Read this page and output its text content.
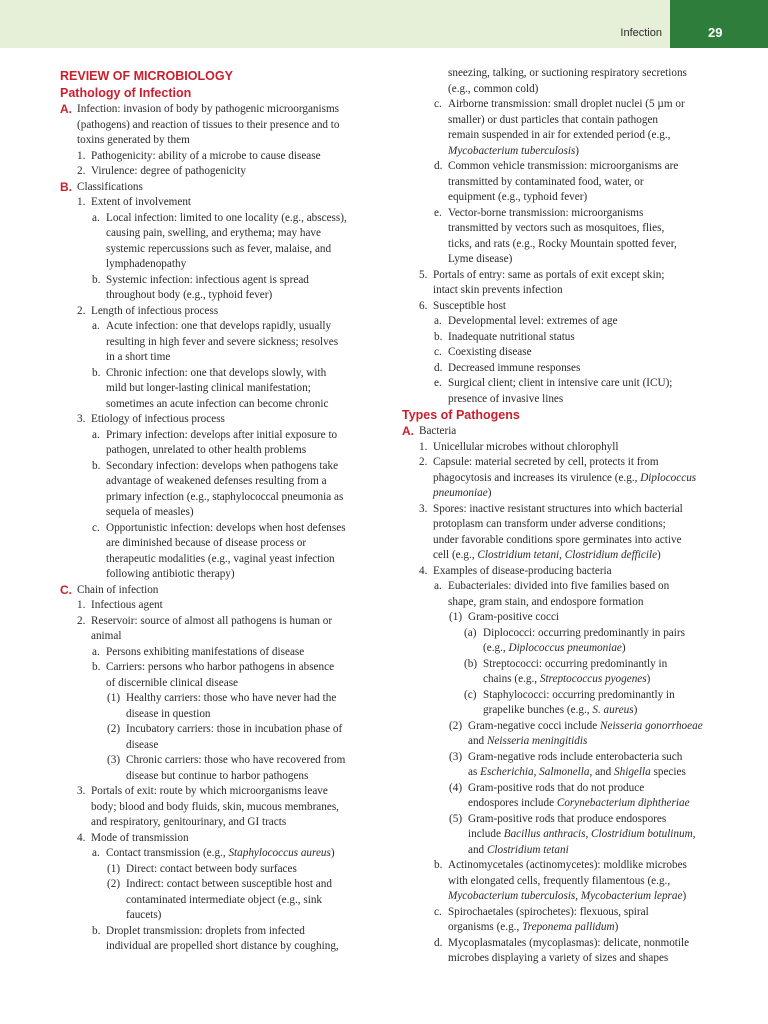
Infection	29
REVIEW OF MICROBIOLOGY
Pathology of Infection
A. Infection: invasion of body by pathogenic microorganisms
(pathogens) and reaction of tissues to their presence and to
toxins generated by them
1. Pathogenicity: ability of a microbe to cause disease
2. Virulence: degree of pathogenicity
B. Classifications
1. Extent of involvement
a. Local infection: limited to one locality (e.g., abscess),
causing pain, swelling, and erythema; may have
systemic repercussions such as fever, malaise, and
lymphadenopathy
b. Systemic infection: infectious agent is spread
throughout body (e.g., typhoid fever)
2. Length of infectious process
a. Acute infection: one that develops rapidly, usually
resulting in high fever and severe sickness; resolves
in a short time
b. Chronic infection: one that develops slowly, with
mild but longer-lasting clinical manifestation;
sometimes an acute infection can become chronic
3. Etiology of infectious process
a. Primary infection: develops after initial exposure to
pathogen, unrelated to other health problems
b. Secondary infection: develops when pathogens take
advantage of weakened defenses resulting from a
primary infection (e.g., staphylococcal pneumonia as
sequela of measles)
c. Opportunistic infection: develops when host defenses
are diminished because of disease process or
therapeutic modalities (e.g., vaginal yeast infection
following antibiotic therapy)
C. Chain of infection
1. Infectious agent
2. Reservoir: source of almost all pathogens is human or
animal
a. Persons exhibiting manifestations of disease
b. Carriers: persons who harbor pathogens in absence
of discernible clinical disease
(1) Healthy carriers: those who have never had the
disease in question
(2) Incubatory carriers: those in incubation phase of
disease
(3) Chronic carriers: those who have recovered from
disease but continue to harbor pathogens
3. Portals of exit: route by which microorganisms leave
body; blood and body fluids, skin, mucous membranes,
and respiratory, genitourinary, and GI tracts
4. Mode of transmission
a. Contact transmission (e.g., Staphylococcus aureus)
(1) Direct: contact between body surfaces
(2) Indirect: contact between susceptible host and
contaminated intermediate object (e.g., sink
faucets)
b. Droplet transmission: droplets from infected
individual are propelled short distance by coughing,
sneezing, talking, or suctioning respiratory secretions
(e.g., common cold)
c. Airborne transmission: small droplet nuclei (5 µm or
smaller) or dust particles that contain pathogen
remain suspended in air for extended period (e.g.,
Mycobacterium tuberculosis)
d. Common vehicle transmission: microorganisms are
transmitted by contaminated food, water, or
equipment (e.g., typhoid fever)
e. Vector-borne transmission: microorganisms
transmitted by vectors such as mosquitoes, flies,
ticks, and rats (e.g., Rocky Mountain spotted fever,
Lyme disease)
5. Portals of entry: same as portals of exit except skin;
intact skin prevents infection
6. Susceptible host
a. Developmental level: extremes of age
b. Inadequate nutritional status
c. Coexisting disease
d. Decreased immune responses
e. Surgical client; client in intensive care unit (ICU);
presence of invasive lines
Types of Pathogens
A. Bacteria
1. Unicellular microbes without chlorophyll
2. Capsule: material secreted by cell, protects it from
phagocytosis and increases its virulence (e.g., Diplococcus
pneumoniae)
3. Spores: inactive resistant structures into which bacterial
protoplasm can transform under adverse conditions;
under favorable conditions spore germinates into active
cell (e.g., Clostridium tetani, Clostridium defficile)
4. Examples of disease-producing bacteria
a. Eubacteriales: divided into five families based on
shape, gram stain, and endospore formation
(1) Gram-positive cocci
(a) Diplococci: occurring predominantly in pairs
(e.g., Diplococcus pneumoniae)
(b) Streptococci: occurring predominantly in
chains (e.g., Streptococcus pyogenes)
(c) Staphylococci: occurring predominantly in
grapelike bunches (e.g., S. aureus)
(2) Gram-negative cocci include Neisseria gonorrhoeae
and Neisseria meningitidis
(3) Gram-negative rods include enterobacteria such
as Escherichia, Salmonella, and Shigella species
(4) Gram-positive rods that do not produce
endospores include Corynebacterium diphtheriae
(5) Gram-positive rods that produce endospores
include Bacillus anthracis, Clostridium botulinum,
and Clostridium tetani
b. Actinomycetales (actinomycetes): moldlike microbes
with elongated cells, frequently filamentous (e.g.,
Mycobacterium tuberculosis, Mycobacterium leprae)
c. Spirochaetales (spirochetes): flexuous, spiral
organisms (e.g., Treponema pallidum)
d. Mycoplasmatales (mycoplasmas): delicate, nonmotile
microbes displaying a variety of sizes and shapes
